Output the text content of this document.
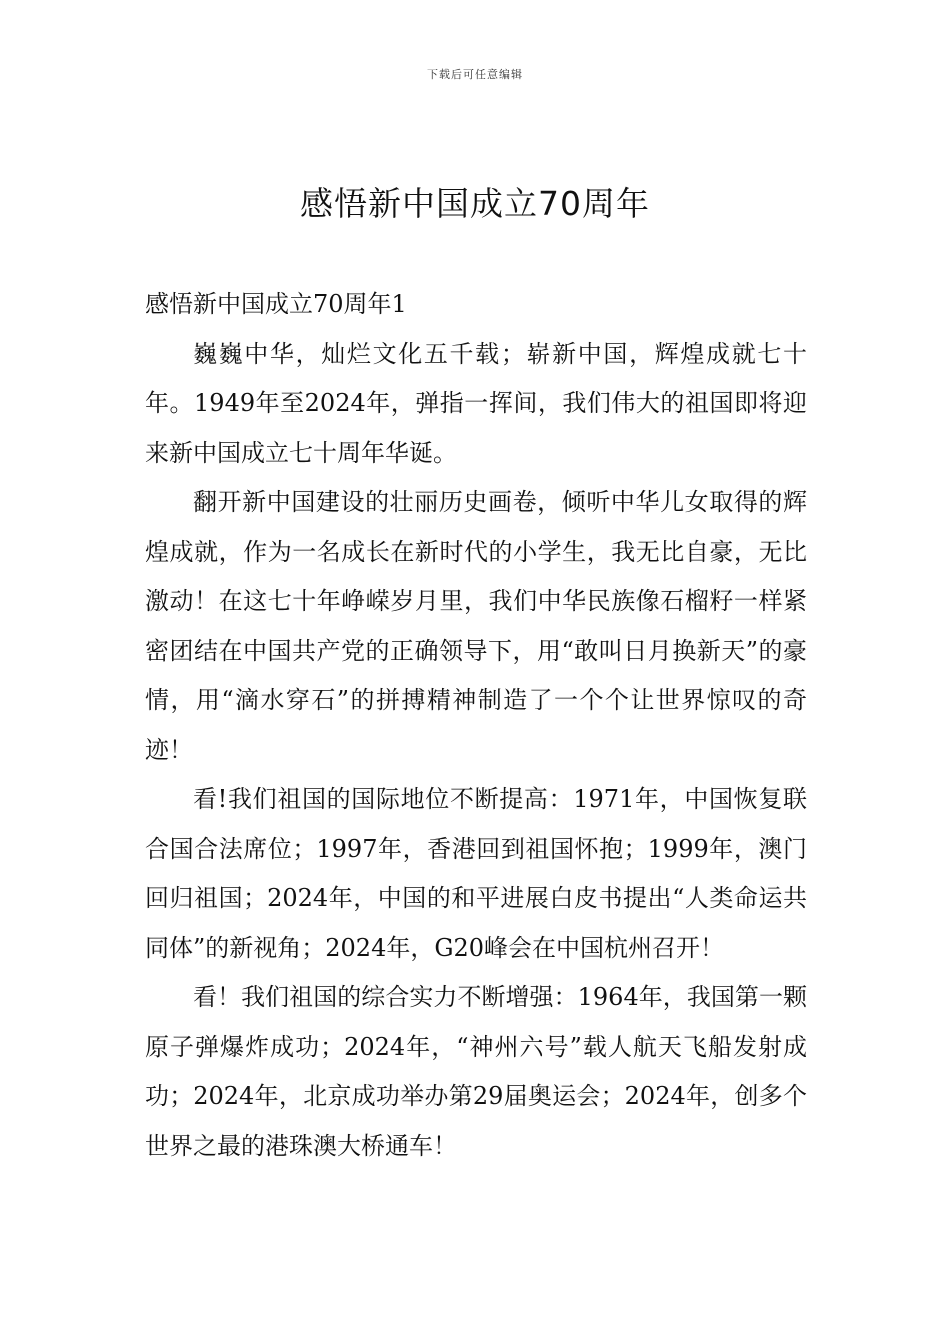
下载后可任意编辑
感悟新中国成立70周年

感悟新中国成立70周年1

巍巍中华，灿烂文化五千载；崭新中国，辉煌成就七十年。1949年至2024年，弹指一挥间，我们伟大的祖国即将迎来新中国成立七十周年华诞。

翻开新中国建设的壮丽历史画卷，倾听中华儿女取得的辉煌成就，作为一名成长在新时代的小学生，我无比自豪，无比激动！在这七十年峥嵘岁月里，我们中华民族像石榴籽一样紧密团结在中国共产党的正确领导下，用“敢叫日月换新天”的豪情，用“滴水穿石”的拼搏精神制造了一个个让世界惊叹的奇迹！

看!我们祖国的国际地位不断提高：1971年，中国恢复联合国合法席位；1997年，香港回到祖国怀抱；1999年，澳门回归祖国；2024年，中国的和平进展白皮书提出“人类命运共同体”的新视角；2024年，G20峰会在中国杭州召开！

看！我们祖国的综合实力不断增强：1964年，我国第一颗原子弹爆炸成功；2024年，“神州六号”载人航天飞船发射成功；2024年，北京成功举办第29届奥运会；2024年，创多个世界之最的港珠澳大桥通车！
